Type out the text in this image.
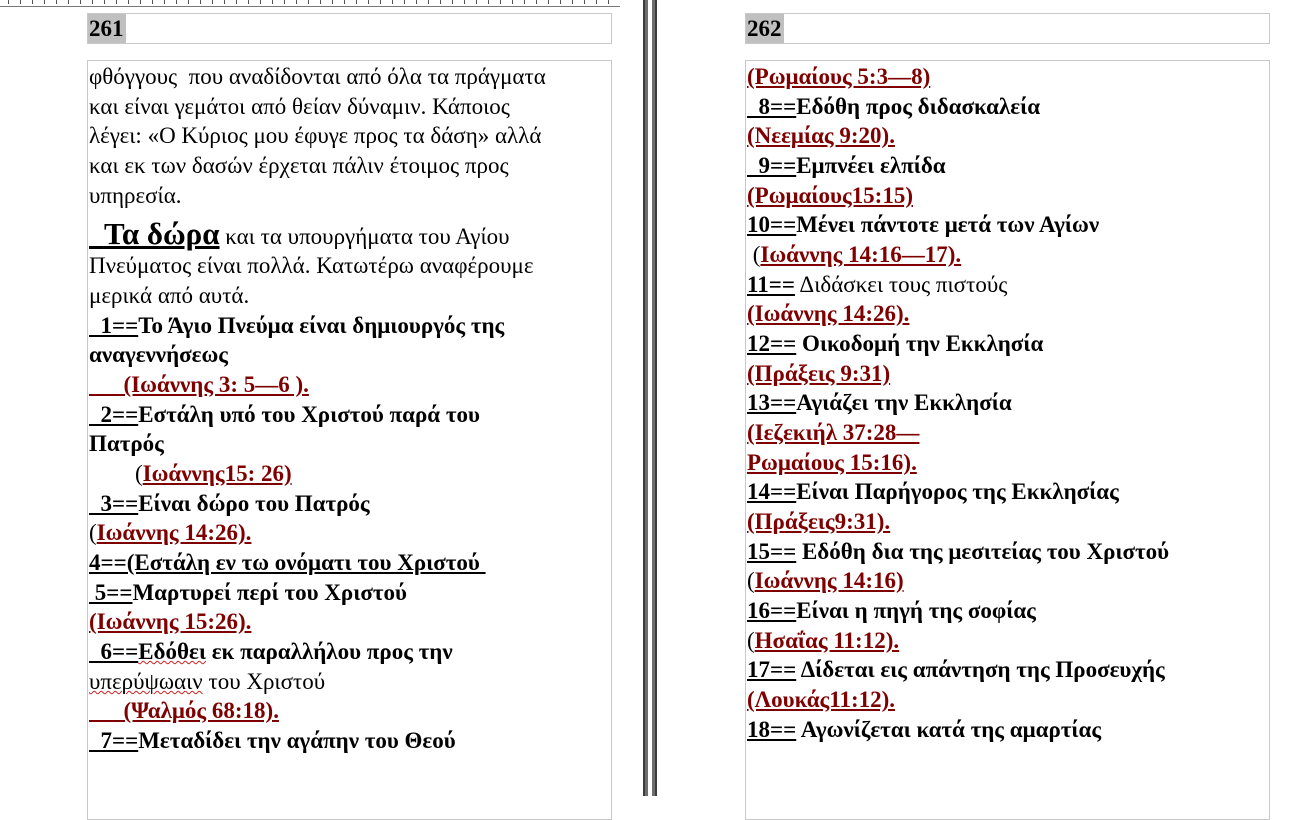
261
φθόγγους  που αναδίδονται από όλα τα πράγματα
και είναι γεμάτοι από θείαν δύναμιν. Κάποιος
λέγει: «Ο Κύριος μου έφυγε προς τα δάση» αλλά
και εκ των δασών έρχεται πάλιν έτοιμος προς
υπηρεσία.
Τα δώρα και τα υπουργήματα του Αγίου
Πνεύματος είναι πολλά. Κατωτέρω αναφέρουμε
μερικά από αυτά.
1==Το Άγιο Πνεύμα είναι δημιουργός της
αναγεννήσεως
(Ιωάννης 3: 5—6 ).
2==Εστάλη υπό του Χριστού παρά του
Πατρός
(Ιωάννης15: 26)
3==Είναι δώρο του Πατρός
(Ιωάννης 14:26).
4==(Εστάλη εν τω ονόματι του Χριστού
5==Μαρτυρεί περί του Χριστού
(Ιωάννης 15:26).
6==Εδόθει εκ παραλλήλου προς την
υπερύψωαιν του Χριστού
(Ψαλμός 68:18).
7==Μεταδίδει την αγάπην του Θεού
262
(Ρωμαίους 5:3—8)
8==Εδόθη προς διδασκαλεία
(Νεεμίας 9:20).
9==Εμπνέει ελπίδα
(Ρωμαίους15:15)
10==Μένει πάντοτε μετά των Αγίων
(Ιωάννης 14:16—17).
11== Διδάσκει τους πιστούς
(Ιωάννης 14:26).
12== Οικοδομή την Εκκλησία
(Πράξεις 9:31)
13==Αγιάζει την Εκκλησία
(Ιεζεκιήλ 37:28—
Ρωμαίους 15:16).
14==Είναι Παρήγορος της Εκκλησίας
(Πράξεις9:31).
15== Εδόθη δια της μεσιτείας του Χριστού
(Ιωάννης 14:16)
16==Είναι η πηγή της σοφίας
(Ησαΐας 11:12).
17== Δίδεται εις απάντηση της Προσευχής
(Λουκάς11:12).
18== Αγωνίζεται κατά της αμαρτίας
